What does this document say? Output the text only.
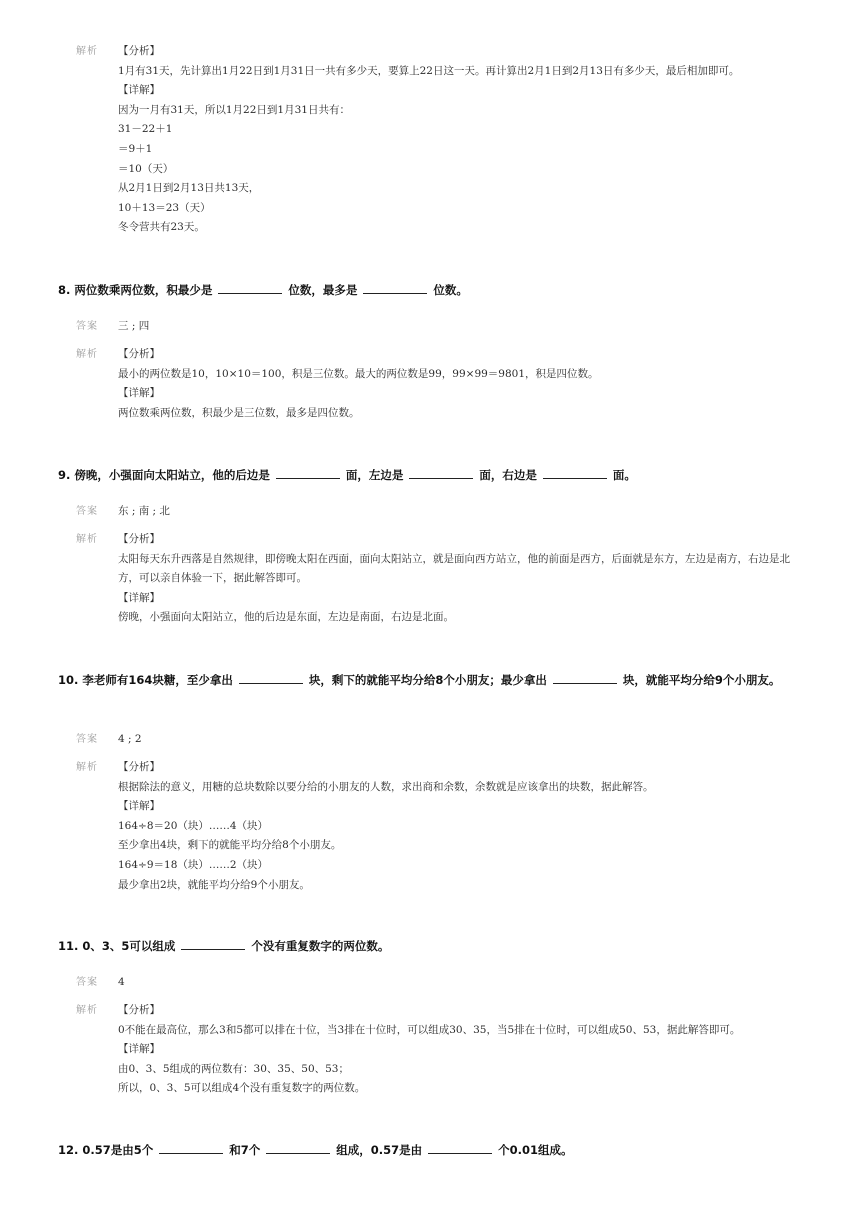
解析	【分析】
1月有31天，先计算出1月22日到1月31日一共有多少天，要算上22日这一天。再计算出2月1日到2月13日有多少天，最后相加即可。
【详解】
因为一月有31天，所以1月22日到1月31日共有：
31－22＋1
＝9＋1
＝10（天）
从2月1日到2月13日共13天，
10＋13＝23（天）
冬令营共有23天。
8. 两位数乘两位数，积最少是	位数，最多是	位数。
答案	三 ; 四
解析	【分析】
最小的两位数是10，10×10＝100，积是三位数。最大的两位数是99，99×99＝9801，积是四位数。
【详解】
两位数乘两位数，积最少是三位数，最多是四位数。
9. 傍晚，小强面向太阳站立，他的后边是	面，左边是	面，右边是	面。
答案	东 ; 南 ; 北
解析	【分析】
太阳每天东升西落是自然规律，即傍晚太阳在西面，面向太阳站立，就是面向西方站立，他的前面是西方，后面就是东方，左边是南方，右边是北方，可以亲自体验一下，据此解答即可。
【详解】
傍晚，小强面向太阳站立，他的后边是东面，左边是南面，右边是北面。
10. 李老师有164块糖，至少拿出	块，剩下的就能平均分给8个小朋友；最少拿出	块，就能平均分给9个小朋友。
答案	4 ; 2
解析	【分析】
根据除法的意义，用糖的总块数除以要分给的小朋友的人数，求出商和余数，余数就是应该拿出的块数，据此解答。
【详解】
164÷8＝20（块）……4（块）
至少拿出4块，剩下的就能平均分给8个小朋友。
164÷9＝18（块）……2（块）
最少拿出2块，就能平均分给9个小朋友。
11. 0、3、5可以组成	个没有重复数字的两位数。
答案	4
解析	【分析】
0不能在最高位，那么3和5都可以排在十位，当3排在十位时，可以组成30、35，当5排在十位时，可以组成50、53，据此解答即可。
【详解】
由0、3、5组成的两位数有：30、35、50、53；
所以，0、3、5可以组成4个没有重复数字的两位数。
12. 0.57是由5个	和7个	组成，0.57是由	个0.01组成。
